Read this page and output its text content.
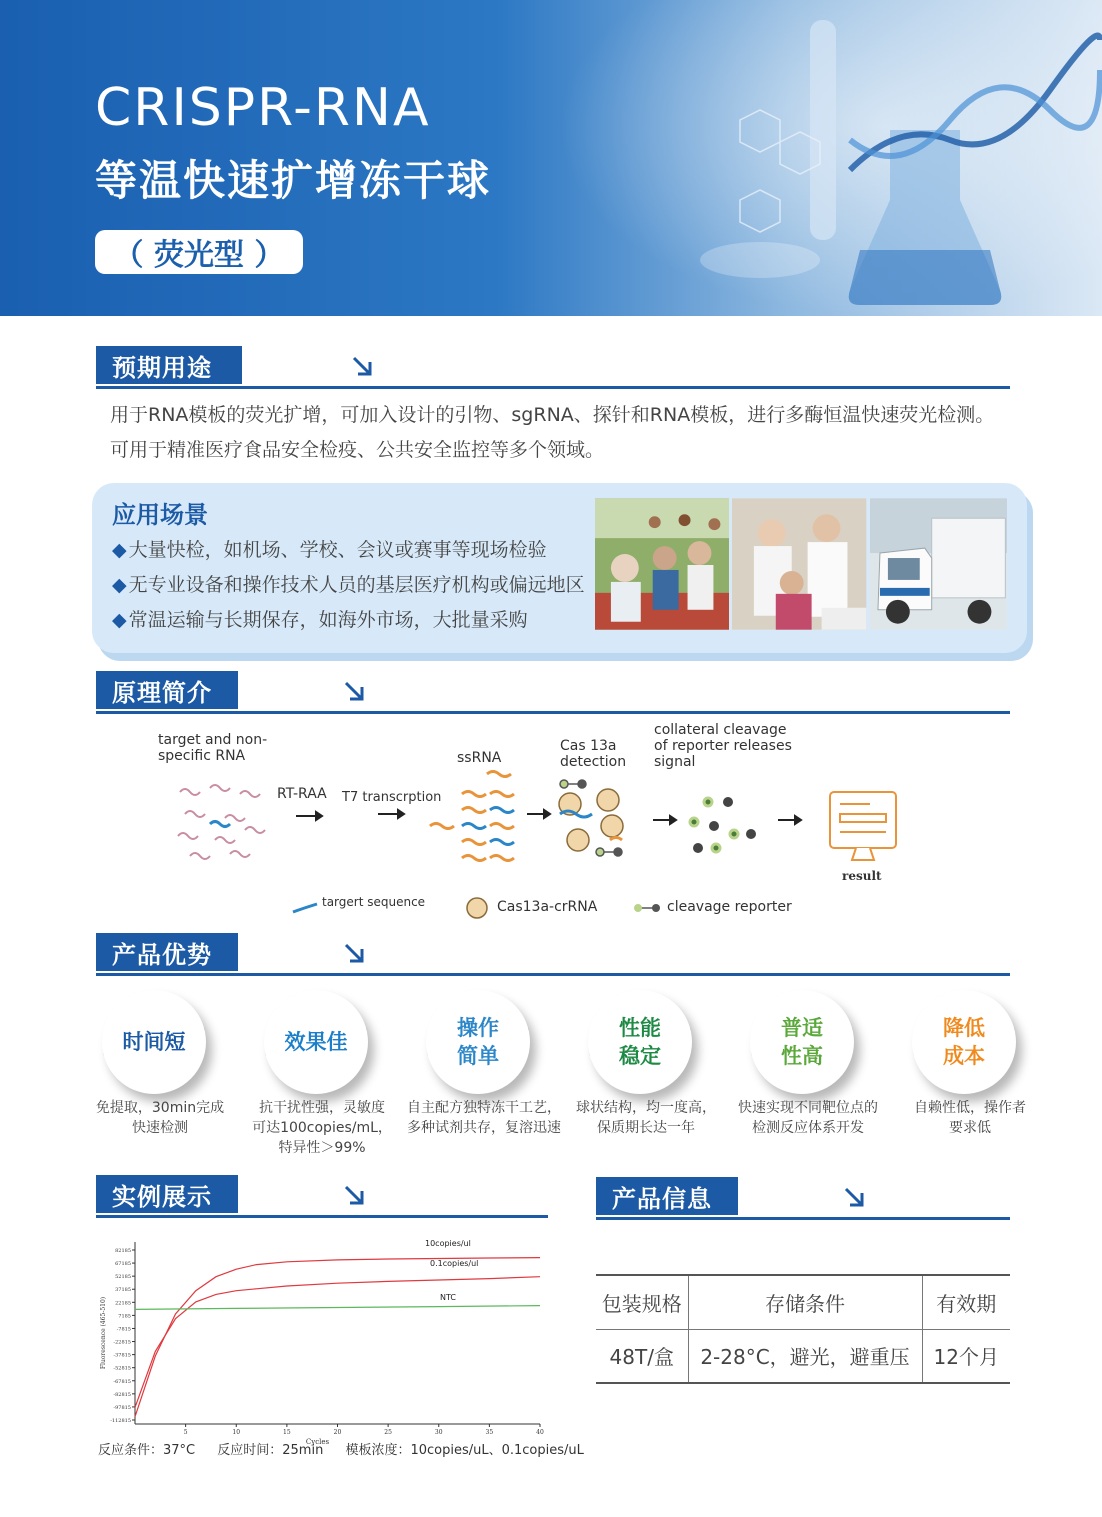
CRISPR-RNA
等温快速扩增冻干球
（ 荧光型 ）
预期用途
用于RNA模板的荧光扩增，可加入设计的引物、sgRNA、探针和RNA模板，进行多酶恒温快速荧光检测。可用于精准医疗食品安全检疫、公共安全监控等多个领域。
应用场景
◆ 大量快检，如机场、学校、会议或赛事等现场检验
◆ 无专业设备和操作技术人员的基层医疗机构或偏远地区
◆ 常温运输与长期保存，如海外市场，大批量采购
原理简介
target and non-specific RNA
RT-RAA T7 transcrption
ssRNA
Cas 13a detection
collateral cleavage of reporter releases signal
result
targert sequence	Cas13a-crRNA	cleavage reporter
产品优势
时间短
免提取，30min完成
快速检测
效果佳
抗干扰性强，灵敏度
可达100copies/mL，
特异性＞99%
操作
简单
自主配方独特冻干工艺，
多种试剂共存，复溶迅速
性能
稳定
球状结构，均一度高，
保质期长达一年
普适
性高
快速实现不同靶位点的
检测反应体系开发
降低
成本
自赖性低，操作者
要求低
实例展示
82185
67185
52185
37185
22185
7185
-7815
-22815
-37815
-52815
-67815
-82815
-97815
-112815
5	10	15	20	25	30	35	40
Cycles
Fluorescence (465-510)
10copies/ul
0.1copies/ul
NTC
反应条件：37°C 反应时间：25min 模板浓度：10copies/uL、0.1copies/uL
产品信息
包装规格	存储条件	有效期
48T/盒	2-28°C，避光，避重压	12个月
